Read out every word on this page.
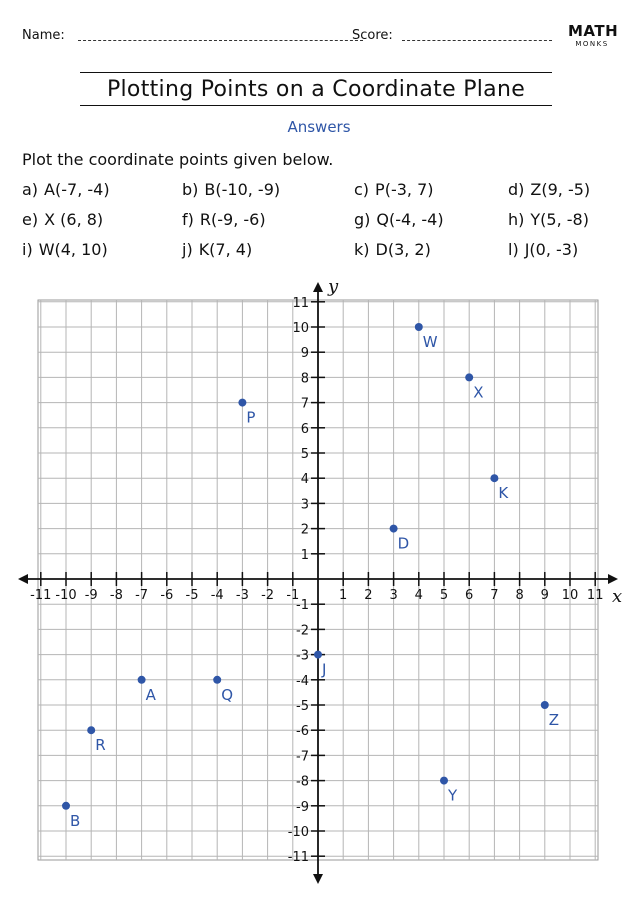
Name:	Score:	MATH
MONKS
Plotting Points on a Coordinate Plane
Answers
Plot the coordinate points given below.
a) A(-7, -4)	b) B(-10, -9)	c) P(-3, 7)	d) Z(9, -5)
e) X (6, 8)	f) R(-9, -6)	g) Q(-4, -4)	h) Y(5, -8)
i) W(4, 10)	j) K(7, 4)	k) D(3, 2)	l) J(0, -3)
-11 -10 -9 -8 -7 -6 -5 -4 -3 -2 -1	1 2 3 4 5 6 7 8 9 10 11
11
10
9
8
7
6
5
4
3
2
1
-1
-2
-3
-4
-5
-6
-7
-8
-9
-10
-11
x
y
A
B
P
Z
X
R
Q
Y
W
K
D
J
